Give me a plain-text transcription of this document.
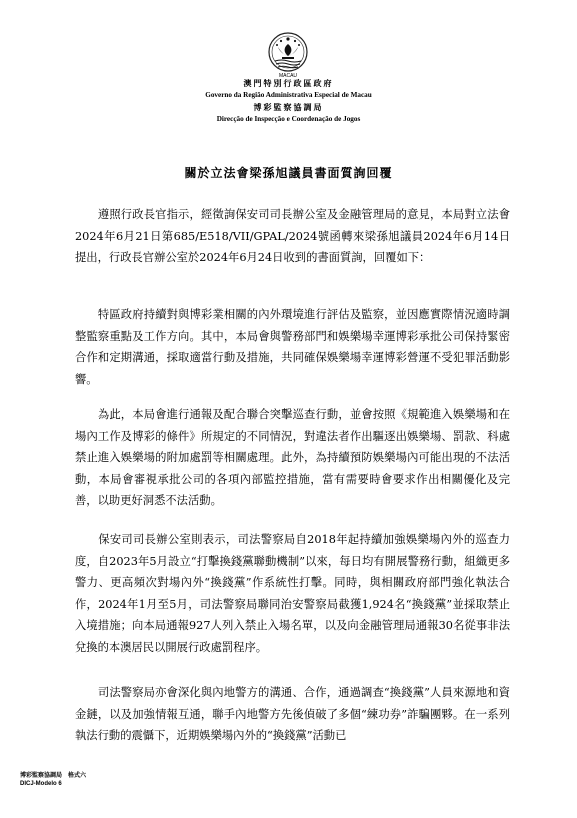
MACAU
澳門特別行政區政府
Governo da Região Administrativa Especial de Macau
博彩監察協調局
Direcção de Inspecção e Coordenação de Jogos
關於立法會梁孫旭議員書面質詢回覆

　　遵照行政長官指示，經徵詢保安司司長辦公室及金融管理局的意見，本局對立法會2024年6月21日第685/E518/VII/GPAL/2024號函轉來梁孫旭議員2024年6月14日提出，行政長官辦公室於2024年6月24日收到的書面質詢，回覆如下：

　　特區政府持續對與博彩業相關的內外環境進行評估及監察，並因應實際情況適時調整監察重點及工作方向。其中，本局會與警務部門和娛樂場幸運博彩承批公司保持緊密合作和定期溝通，採取適當行動及措施，共同確保娛樂場幸運博彩營運不受犯罪活動影響。

　　為此，本局會進行通報及配合聯合突擊巡查行動，並會按照《規範進入娛樂場和在場內工作及博彩的條件》所規定的不同情況，對違法者作出驅逐出娛樂場、罰款、科處禁止進入娛樂場的附加處罰等相關處理。此外，為持續預防娛樂場內可能出現的不法活動，本局會審視承批公司的各項內部監控措施，當有需要時會要求作出相關優化及完善，以助更好洞悉不法活動。

　　保安司司長辦公室則表示，司法警察局自2018年起持續加強娛樂場內外的巡查力度，自2023年5月設立“打擊換錢黨聯動機制”以來，每日均有開展警務行動，組織更多警力、更高頻次對場內外“換錢黨”作系統性打擊。同時，與相關政府部門強化執法合作，2024年1月至5月，司法警察局聯同治安警察局截獲1,924名“換錢黨”並採取禁止入境措施；向本局通報927人列入禁止入場名單，以及向金融管理局通報30名從事非法兌換的本澳居民以開展行政處罰程序。

　　司法警察局亦會深化與內地警方的溝通、合作，通過調查“換錢黨”人員來源地和資金鏈，以及加強情報互通，聯手內地警方先後偵破了多個“練功券”詐騙團夥。在一系列執法行動的震懾下，近期娛樂場內外的“換錢黨”活動已

博彩監察協調局　格式六
DICJ-Modelo 6
